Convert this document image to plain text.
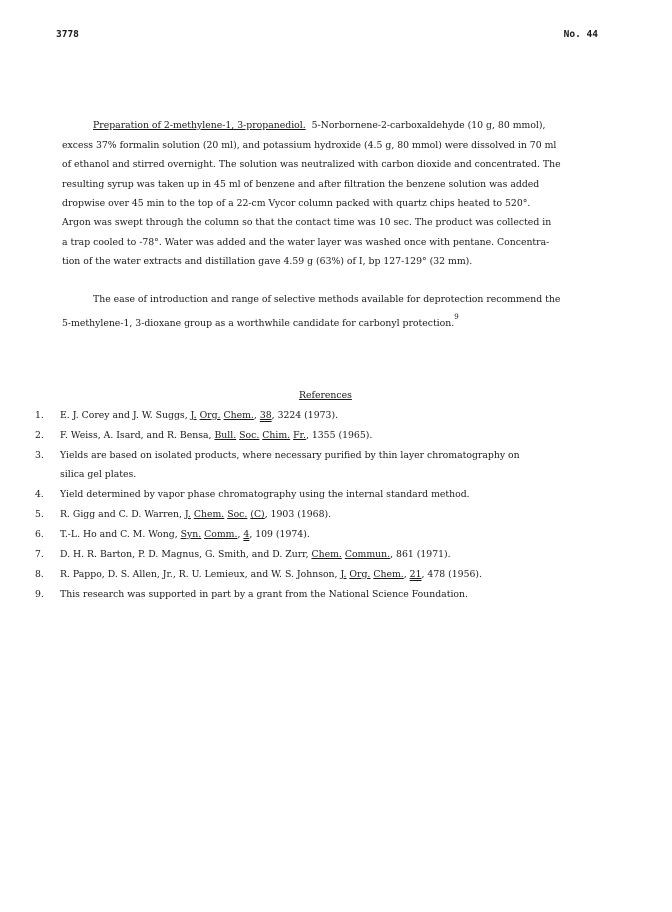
3778	No. 44
Preparation of 2-methylene-1, 3-propanediol. 5-Norbornene-2-carboxaldehyde (10 g, 80 mmol),
excess 37% formalin solution (20 ml), and potassium hydroxide (4.5 g, 80 mmol) were dissolved in 70 ml
of ethanol and stirred overnight. The solution was neutralized with carbon dioxide and concentrated. The
resulting syrup was taken up in 45 ml of benzene and after filtration the benzene solution was added
dropwise over 45 min to the top of a 22-cm Vycor column packed with quartz chips heated to 520°.
Argon was swept through the column so that the contact time was 10 sec. The product was collected in
a trap cooled to -78°. Water was added and the water layer was washed once with pentane. Concentra-
tion of the water extracts and distillation gave 4.59 g (63%) of I, bp 127-129° (32 mm).
The ease of introduction and range of selective methods available for deprotection recommend the
5-methylene-1, 3-dioxane group as a worthwhile candidate for carbonyl protection.$^9$
References
1. E. J. Corey and J. W. Suggs, J. Org. Chem., 38, 3224 (1973).
2. F. Weiss, A. Isard, and R. Bensa, Bull. Soc. Chim. Fr., 1355 (1965).
3. Yields are based on isolated products, where necessary purified by thin layer chromatography on
silica gel plates.
4. Yield determined by vapor phase chromatography using the internal standard method.
5. R. Gigg and C. D. Warren, J. Chem. Soc. (C), 1903 (1968).
6. T.-L. Ho and C. M. Wong, Syn. Comm., 4, 109 (1974).
7. D. H. R. Barton, P. D. Magnus, G. Smith, and D. Zurr, Chem. Commun., 861 (1971).
8. R. Pappo, D. S. Allen, Jr., R. U. Lemieux, and W. S. Johnson, J. Org. Chem., 21, 478 (1956).
9. This research was supported in part by a grant from the National Science Foundation.
